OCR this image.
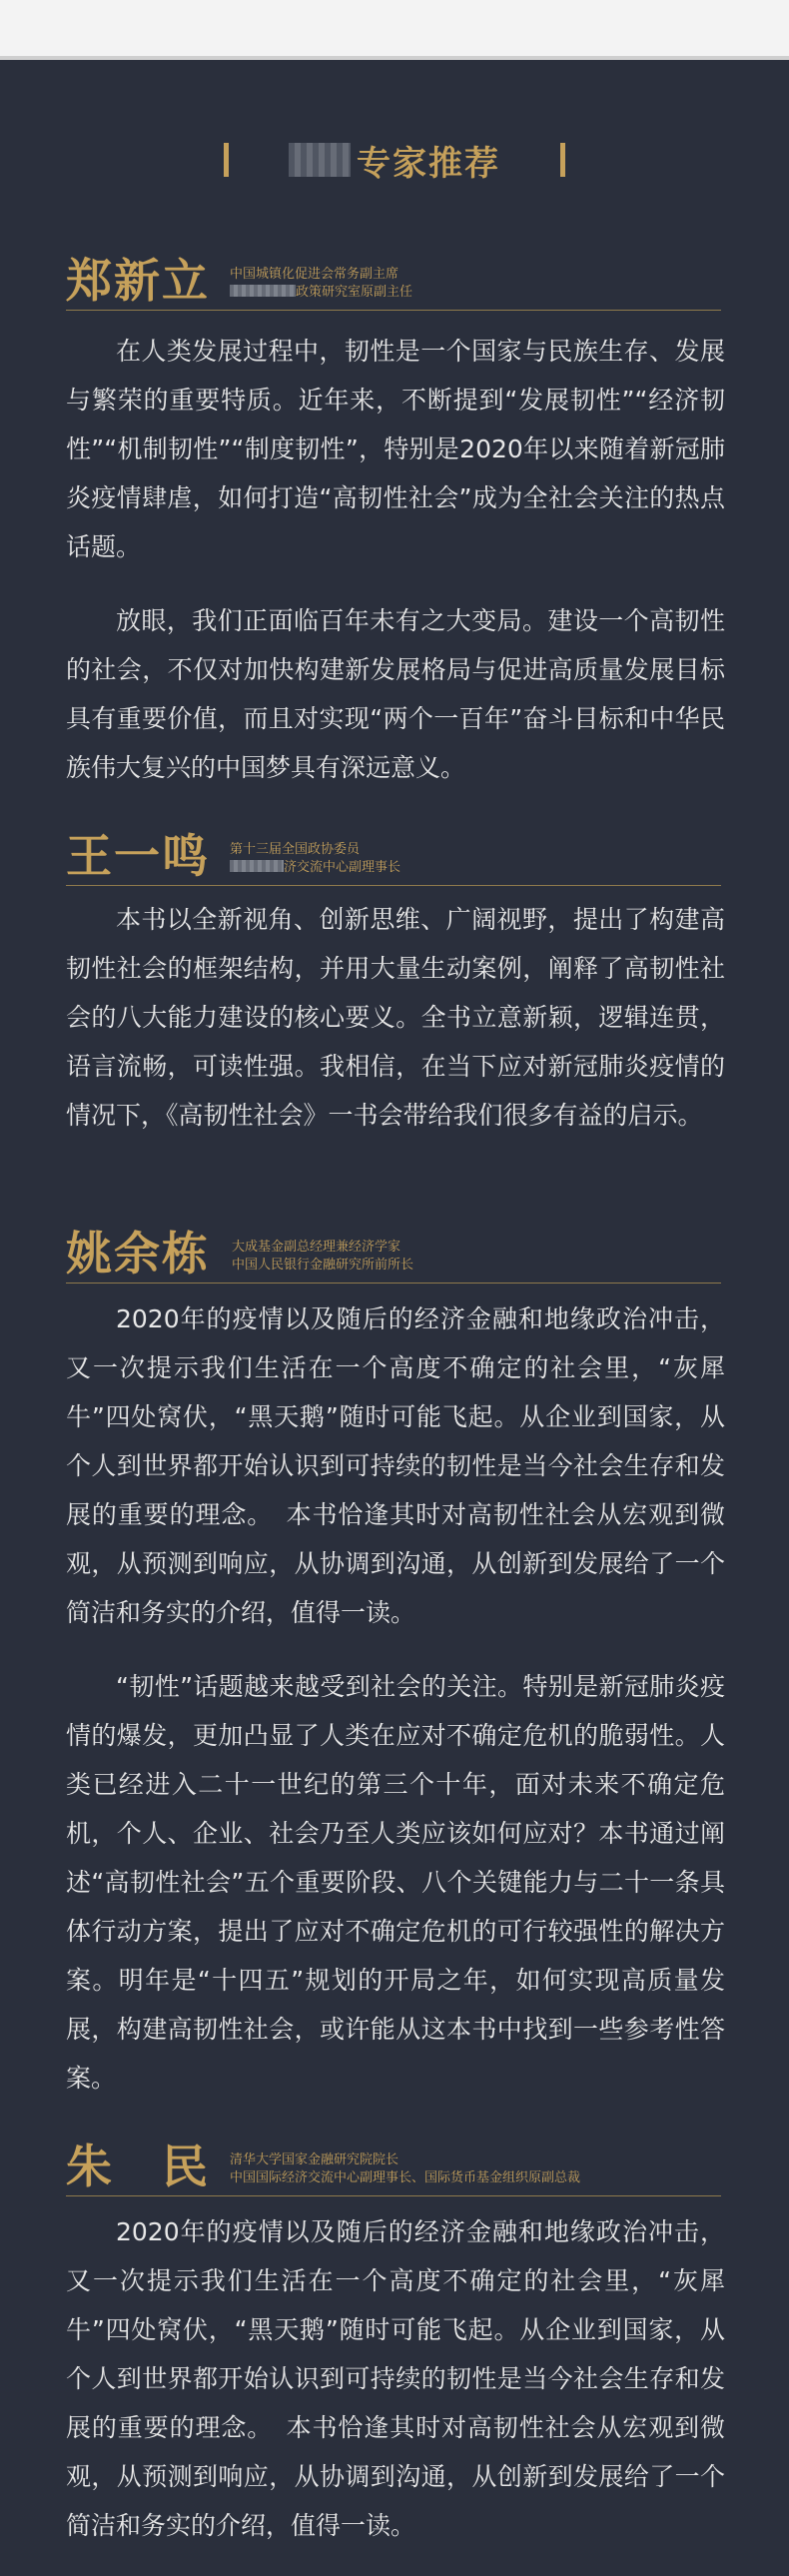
专家推荐
郑新立 中国城镇化促进会常务副主席
政策研究室原副主任

在人类发展过程中，韧性是一个国家与民族生存、发展与繁荣的重要特质。近年来，不断提到“发展韧性”“经济韧性”“机制韧性”“制度韧性”，特别是2020年以来随着新冠肺炎疫情肆虐，如何打造“高韧性社会”成为全社会关注的热点话题。

放眼，我们正面临百年未有之大变局。建设一个高韧性的社会，不仅对加快构建新发展格局与促进高质量发展目标具有重要价值，而且对实现“两个一百年”奋斗目标和中华民族伟大复兴的中国梦具有深远意义。

王一鸣 第十三届全国政协委员
济交流中心副理事长

本书以全新视角、创新思维、广阔视野，提出了构建高韧性社会的框架结构，并用大量生动案例，阐释了高韧性社会的八大能力建设的核心要义。全书立意新颖，逻辑连贯，语言流畅，可读性强。我相信，在当下应对新冠肺炎疫情的情况下，《高韧性社会》一书会带给我们很多有益的启示。

姚余栋 大成基金副总经理兼经济学家
中国人民银行金融研究所前所长

2020年的疫情以及随后的经济金融和地缘政治冲击，又一次提示我们生活在一个高度不确定的社会里，“灰犀牛”四处窝伏，“黑天鹅”随时可能飞起。从企业到国家，从个人到世界都开始认识到可持续的韧性是当今社会生存和发展的重要的理念。　本书恰逢其时对高韧性社会从宏观到微观，从预测到响应，从协调到沟通，从创新到发展给了一个简洁和务实的介绍，值得一读。

“韧性”话题越来越受到社会的关注。特别是新冠肺炎疫情的爆发，更加凸显了人类在应对不确定危机的脆弱性。人类已经进入二十一世纪的第三个十年，面对未来不确定危机，个人、企业、社会乃至人类应该如何应对？本书通过阐述“高韧性社会”五个重要阶段、八个关键能力与二十一条具体行动方案，提出了应对不确定危机的可行较强性的解决方案。明年是“十四五”规划的开局之年，如何实现高质量发展，构建高韧性社会，或许能从这本书中找到一些参考性答案。

朱　民 清华大学国家金融研究院院长
中国国际经济交流中心副理事长、国际货币基金组织原副总裁

2020年的疫情以及随后的经济金融和地缘政治冲击，又一次提示我们生活在一个高度不确定的社会里，“灰犀牛”四处窝伏，“黑天鹅”随时可能飞起。从企业到国家，从个人到世界都开始认识到可持续的韧性是当今社会生存和发展的重要的理念。　本书恰逢其时对高韧性社会从宏观到微观，从预测到响应，从协调到沟通，从创新到发展给了一个简洁和务实的介绍，值得一读。
